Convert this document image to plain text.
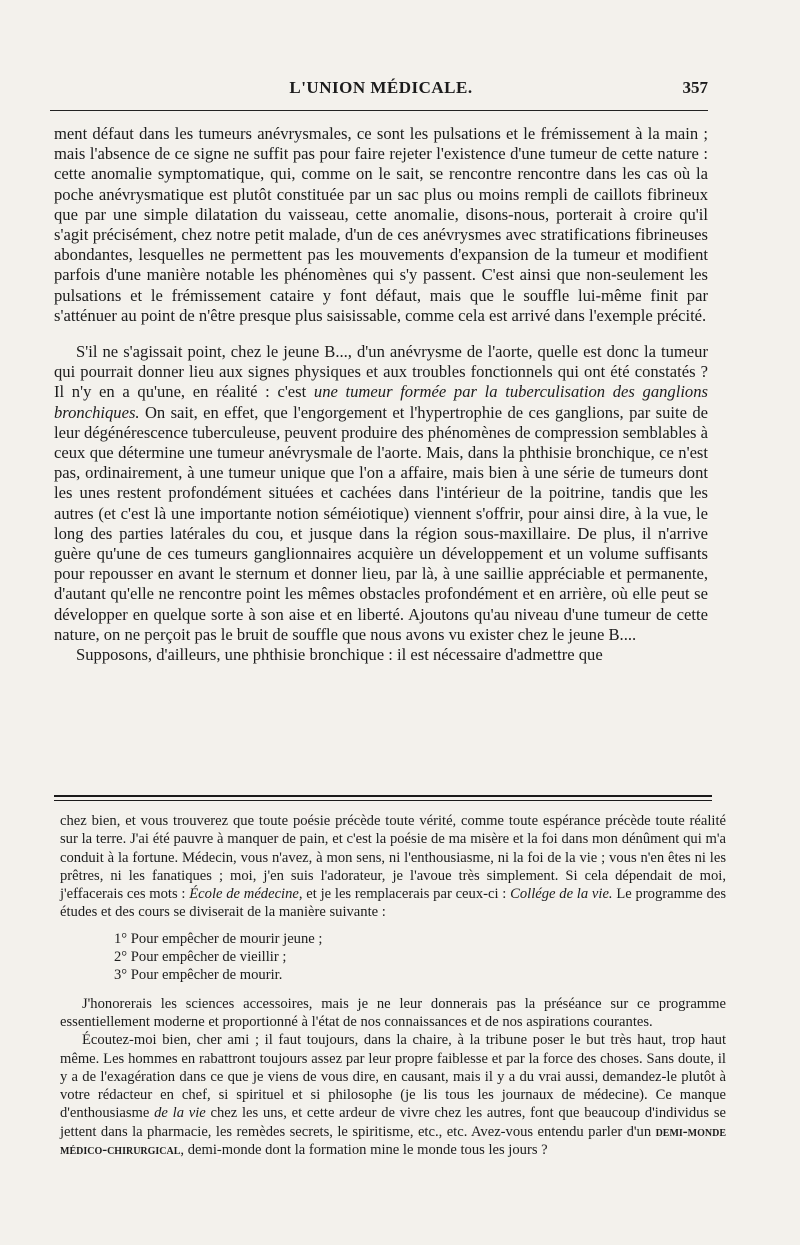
L'UNION MÉDICALE.	357

ment défaut dans les tumeurs anévrysmales, ce sont les pulsations et le frémissement à la main ; mais l'absence de ce signe ne suffit pas pour faire rejeter l'existence d'une tumeur de cette nature : cette anomalie symptomatique, qui, comme on le sait, se rencontre rencontre dans les cas où la poche anévrysmatique est plutôt constituée par un sac plus ou moins rempli de caillots fibrineux que par une simple dilatation du vaisseau, cette anomalie, disons-nous, porterait à croire qu'il s'agit précisément, chez notre petit malade, d'un de ces anévrysmes avec stratifications fibrineuses abondantes, lesquelles ne permettent pas les mouvements d'expansion de la tumeur et modifient parfois d'une manière notable les phénomènes qui s'y passent. C'est ainsi que non-seulement les pulsations et le frémissement cataire y font défaut, mais que le souffle lui-même finit par s'atténuer au point de n'être presque plus saisissable, comme cela est arrivé dans l'exemple précité.

S'il ne s'agissait point, chez le jeune B..., d'un anévrysme de l'aorte, quelle est donc la tumeur qui pourrait donner lieu aux signes physiques et aux troubles fonctionnels qui ont été constatés ? Il n'y en a qu'une, en réalité : c'est une tumeur formée par la tuberculisation des ganglions bronchiques. On sait, en effet, que l'engorgement et l'hypertrophie de ces ganglions, par suite de leur dégénérescence tuberculeuse, peuvent produire des phénomènes de compression semblables à ceux que détermine une tumeur anévrysmale de l'aorte. Mais, dans la phthisie bronchique, ce n'est pas, ordinairement, à une tumeur unique que l'on a affaire, mais bien à une série de tumeurs dont les unes restent profondément situées et cachées dans l'intérieur de la poitrine, tandis que les autres (et c'est là une importante notion séméiotique) viennent s'offrir, pour ainsi dire, à la vue, le long des parties latérales du cou, et jusque dans la région sous-maxillaire. De plus, il n'arrive guère qu'une de ces tumeurs ganglionnaires acquière un développement et un volume suffisants pour repousser en avant le sternum et donner lieu, par là, à une saillie appréciable et permanente, d'autant qu'elle ne rencontre point les mêmes obstacles profondément et en arrière, où elle peut se développer en quelque sorte à son aise et en liberté. Ajoutons qu'au niveau d'une tumeur de cette nature, on ne perçoit pas le bruit de souffle que nous avons vu exister chez le jeune B....

Supposons, d'ailleurs, une phthisie bronchique : il est nécessaire d'admettre que

chez bien, et vous trouverez que toute poésie précède toute vérité, comme toute espérance précède toute réalité sur la terre. J'ai été pauvre à manquer de pain, et c'est la poésie de ma misère et la foi dans mon dénûment qui m'a conduit à la fortune. Médecin, vous n'avez, à mon sens, ni l'enthousiasme, ni la foi de la vie ; vous n'en êtes ni les prêtres, ni les fanatiques ; moi, j'en suis l'adorateur, je l'avoue très simplement. Si cela dépendait de moi, j'effacerais ces mots : École de médecine, et je les remplacerais par ceux-ci : Collége de la vie. Le programme des études et des cours se diviserait de la manière suivante :

1° Pour empêcher de mourir jeune ;
2° Pour empêcher de vieillir ;
3° Pour empêcher de mourir.

J'honorerais les sciences accessoires, mais je ne leur donnerais pas la préséance sur ce programme essentiellement moderne et proportionné à l'état de nos connaissances et de nos aspirations courantes.

Écoutez-moi bien, cher ami ; il faut toujours, dans la chaire, à la tribune poser le but très haut, trop haut même. Les hommes en rabattront toujours assez par leur propre faiblesse et par la force des choses. Sans doute, il y a de l'exagération dans ce que je viens de vous dire, en causant, mais il y a du vrai aussi, demandez-le plutôt à votre rédacteur en chef, si spirituel et si philosophe (je lis tous les journaux de médecine). Ce manque d'enthousiasme de la vie chez les uns, et cette ardeur de vivre chez les autres, font que beaucoup d'individus se jettent dans la pharmacie, les remèdes secrets, le spiritisme, etc., etc. Avez-vous entendu parler d'un demi-monde médico-chirurgical, demi-monde dont la formation mine le monde tous les jours ?
